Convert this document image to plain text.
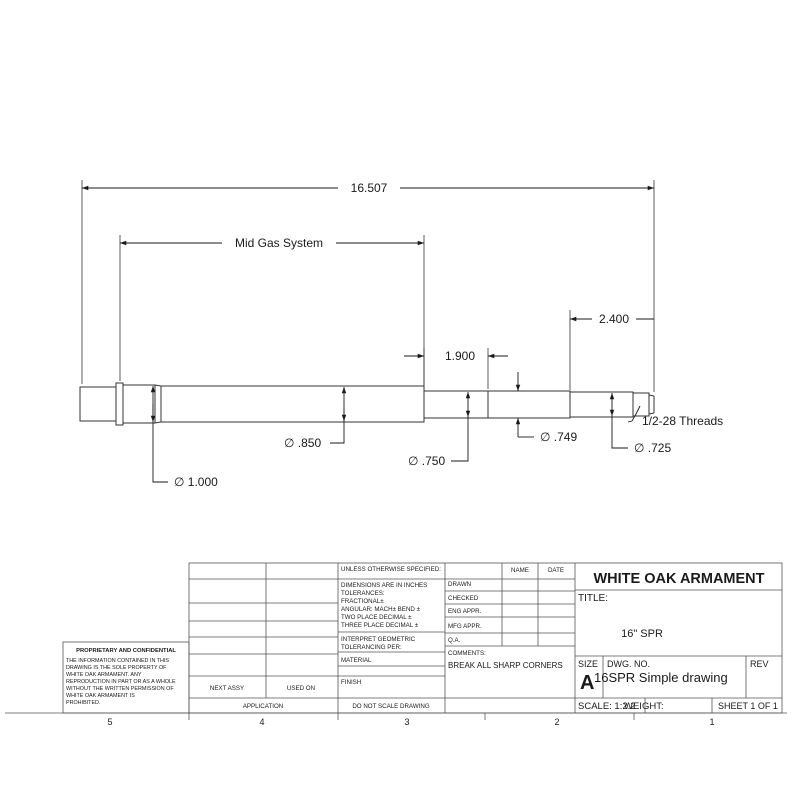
16.507
Mid Gas System
1.900
2.400
1/2-28 Threads
∅ .850
∅ 1.000
∅ .750
∅ .749
∅ .725
UNLESS OTHERWISE SPECIFIED:
DIMENSIONS ARE IN INCHES
TOLERANCES:
FRACTIONAL±
ANGULAR: MACH± BEND ±
TWO PLACE DECIMAL ±
THREE PLACE DECIMAL ±
INTERPRET GEOMETRIC
TOLERANCING PER:
MATERIAL
FINISH
DO NOT SCALE DRAWING
NAME	DATE
DRAWN
CHECKED
ENG APPR.
MFG APPR.
Q.A.
COMMENTS:
BREAK ALL SHARP CORNERS
NEXT ASSY	USED ON
APPLICATION
WHITE OAK ARMAMENT
TITLE:
16" SPR
SIZE
A
DWG. NO.
16SPR Simple drawing
REV
SCALE: 1:2.2
WEIGHT:	SHEET 1 OF 1
PROPRIETARY AND CONFIDENTIAL
THE INFORMATION CONTAINED IN THIS
DRAWING IS THE SOLE PROPERTY OF
WHITE OAK ARMAMENT. ANY
REPRODUCTION IN PART OR AS A WHOLE
WITHOUT THE WRITTEN PERMISSION OF
WHITE OAK ARMAMENT IS
PROHIBITED.
5	4	3	2	1
